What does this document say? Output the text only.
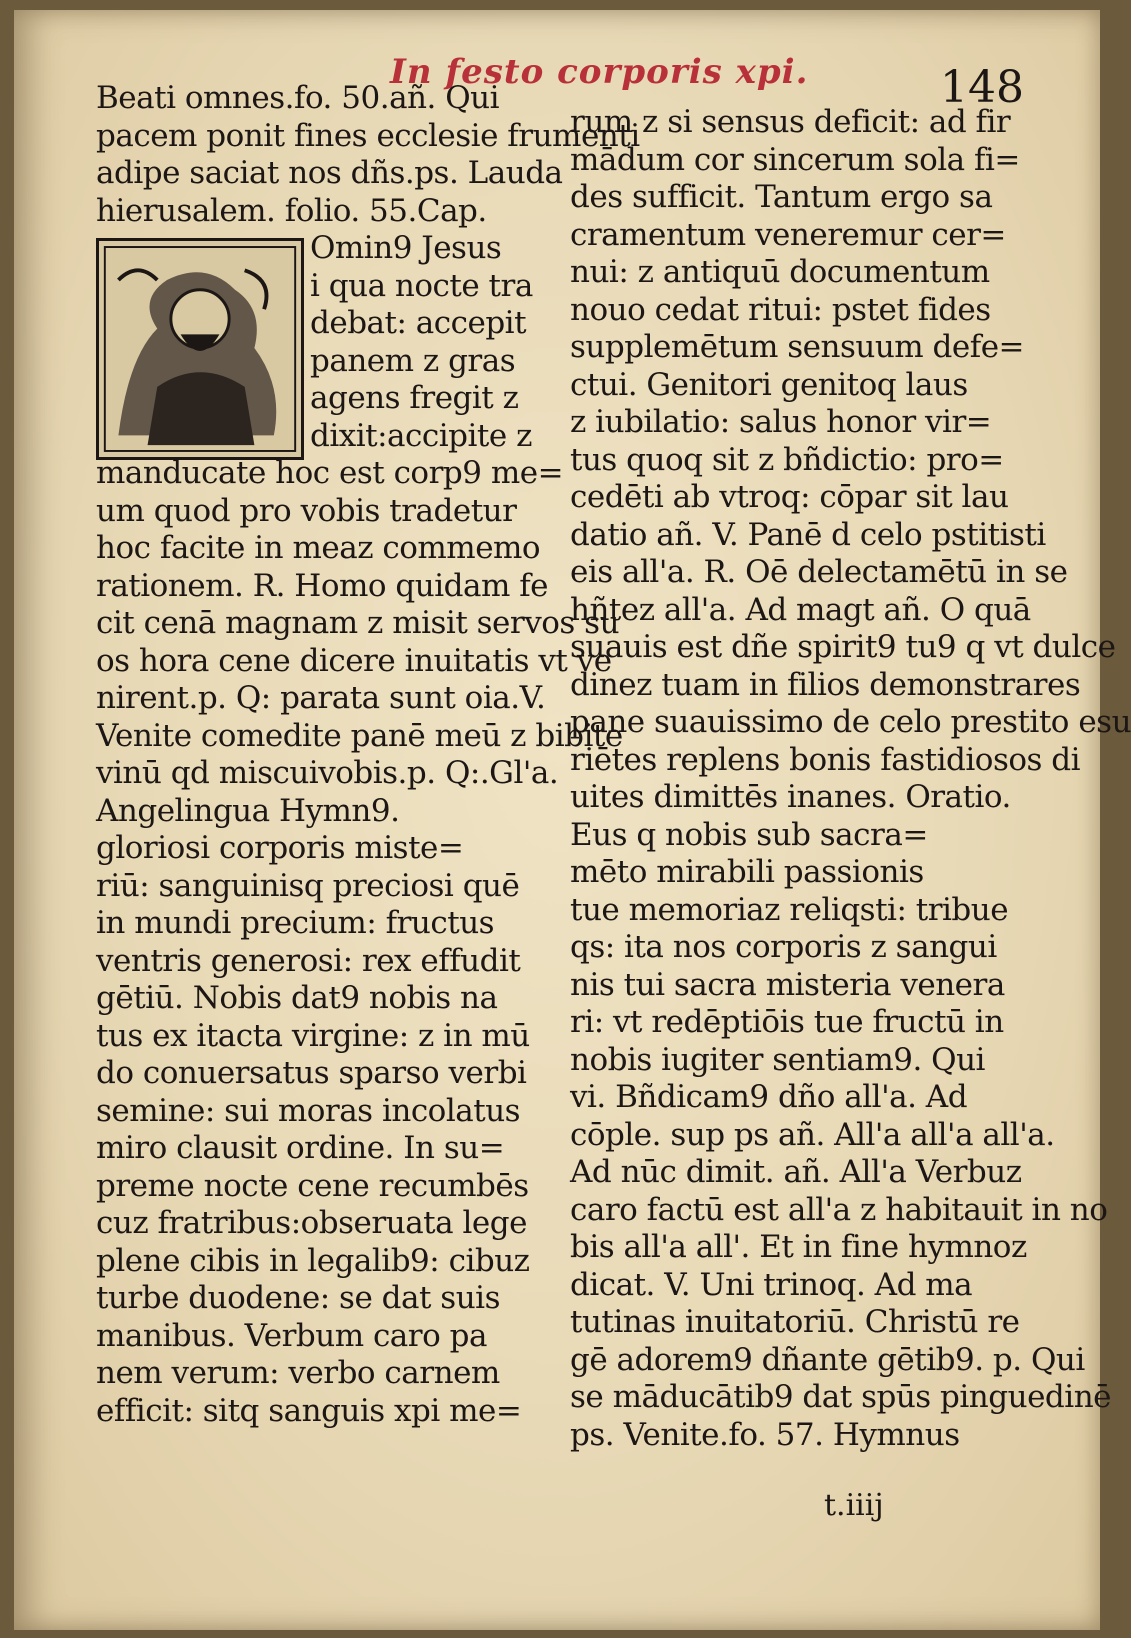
In festo corporis xpi.	148
Beati omnes.fo. 50.añ. Qui
pacem ponit fines ecclesie frumenti
adipe saciat nos dñs.ps. Lauda
hierusalem. folio. 55.Cap.
Omin9 Jesus
i qua nocte tra
debat: accepit
panem z gras
agens fregit z
dixit:accipite z
manducate hoc est corp9 me=
um quod pro vobis tradetur
hoc facite in meaz commemo
rationem. R. Homo quidam fe
cit cenā magnam z misit servos su
os hora cene dicere inuitatis vt ve
nirent.p. Q: parata sunt oia.V.
Venite comedite panē meū z bibite
vinū qd miscuivobis.p. Q:.Gl'a.
Angelingua Hymn9.
gloriosi corporis miste=
riū: sanguinisq preciosi quē
in mundi precium: fructus
ventris generosi: rex effudit
gētiū. Nobis dat9 nobis na
tus ex itacta virgine: z in mū
do conuersatus sparso verbi
semine: sui moras incolatus
miro clausit ordine. In su=
preme nocte cene recumbēs
cuz fratribus:obseruata lege
plene cibis in legalib9: cibuz
turbe duodene: se dat suis
manibus. Verbum caro pa
nem verum: verbo carnem
efficit: sitq sanguis xpi me=
rum z si sensus deficit: ad fir
mādum cor sincerum sola fi=
des sufficit. Tantum ergo sa
cramentum veneremur cer=
nui: z antiquū documentum
nouo cedat ritui: pstet fides
supplemētum sensuum defe=
ctui. Genitori genitoq laus
z iubilatio: salus honor vir=
tus quoq sit z bñdictio: pro=
cedēti ab vtroq: cōpar sit lau
datio añ. V. Panē d celo pstitisti
eis all'a. R. Oē delectamētū in se
hñtez all'a. Ad magt añ. O quā
suauis est dñe spirit9 tu9 q vt dulce
dinez tuam in filios demonstrares
pane suauissimo de celo prestito esu
riētes replens bonis fastidiosos di
uites dimittēs inanes. Oratio.
Eus q nobis sub sacra=
mēto mirabili passionis
tue memoriaz reliqsti: tribue
qs: ita nos corporis z sangui
nis tui sacra misteria venera
ri: vt redēptiōis tue fructū in
nobis iugiter sentiam9. Qui
vi. Bñdicam9 dño all'a. Ad
cōple. sup ps añ. All'a all'a all'a.
Ad nūc dimit. añ. All'a Verbuz
caro factū est all'a z habitauit in no
bis all'a all'. Et in fine hymnoz
dicat. V. Uni trinoq. Ad ma
tutinas inuitatoriū. Christū re
gē adorem9 dñante gētib9. p. Qui
se māducātib9 dat spūs pinguedinē
ps. Venite.fo. 57. Hymnus
t.iiij
